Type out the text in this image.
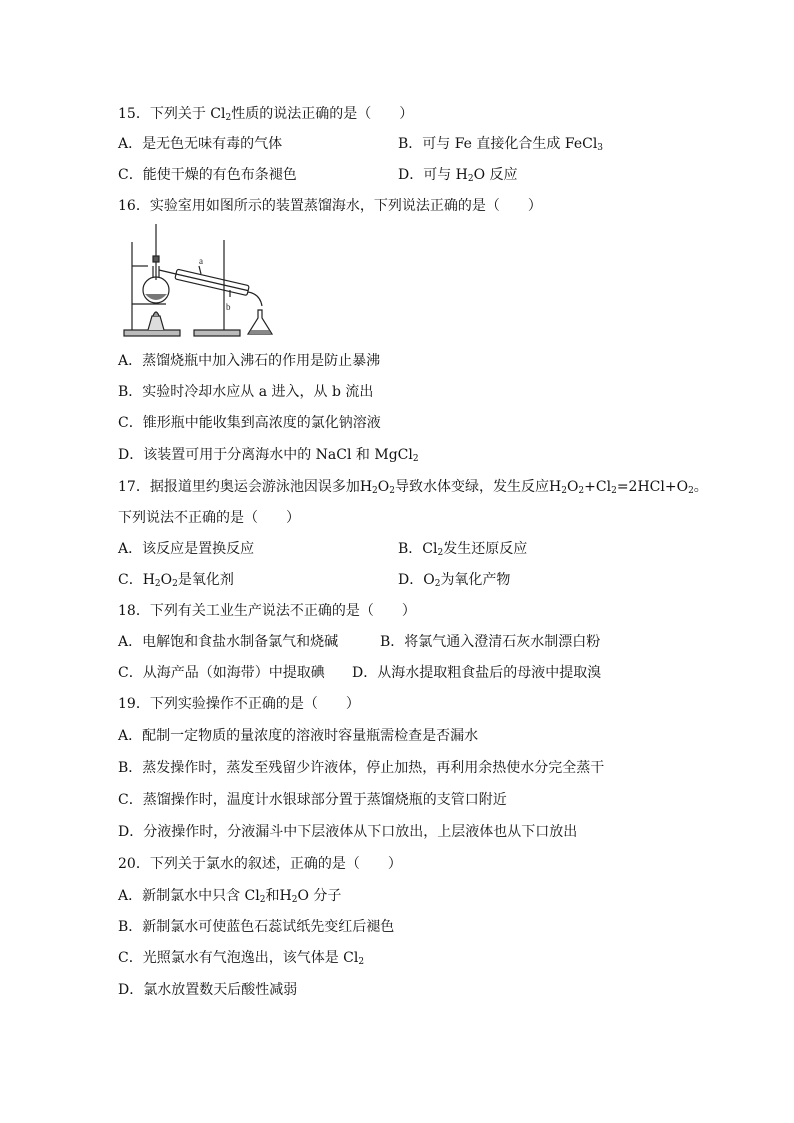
15．下列关于 $Cl_2$性质的说法正确的是（　　）
A．是无色无味有毒的气体	B．可与 Fe 直接化合生成 FeCl$_3$
C．能使干燥的有色布条褪色	D．可与 $H_2O$ 反应
16．实验室用如图所示的装置蒸馏海水，下列说法正确的是（　　）
a
b
A．蒸馏烧瓶中加入沸石的作用是防止暴沸
B．实验时冷却水应从 a 进入，从 b 流出
C．锥形瓶中能收集到高浓度的氯化钠溶液
D．该装置可用于分离海水中的 NaCl 和 MgCl$_2$
17．据报道里约奥运会游泳池因误多加$H_2O_2$导致水体变绿，发生反应$H_2O_2+Cl_2=2HCl+O_2$。
下列说法不正确的是（　　）
A．该反应是置换反应	B．$Cl_2$发生还原反应
C．$H_2O_2$是氧化剂	D．$O_2$为氧化产物
18．下列有关工业生产说法不正确的是（　　）
A．电解饱和食盐水制备氯气和烧碱	B．将氯气通入澄清石灰水制漂白粉
C．从海产品（如海带）中提取碘 D．从海水提取粗食盐后的母液中提取溴
19．下列实验操作不正确的是（　　）
A．配制一定物质的量浓度的溶液时容量瓶需检查是否漏水
B．蒸发操作时，蒸发至残留少许液体，停止加热，再利用余热使水分完全蒸干
C．蒸馏操作时，温度计水银球部分置于蒸馏烧瓶的支管口附近
D．分液操作时，分液漏斗中下层液体从下口放出，上层液体也从下口放出
20．下列关于氯水的叙述，正确的是（　　）
A．新制氯水中只含 $Cl_2$和$H_2O$ 分子
B．新制氯水可使蓝色石蕊试纸先变红后褪色
C．光照氯水有气泡逸出，该气体是 $Cl_2$
D．氯水放置数天后酸性减弱
